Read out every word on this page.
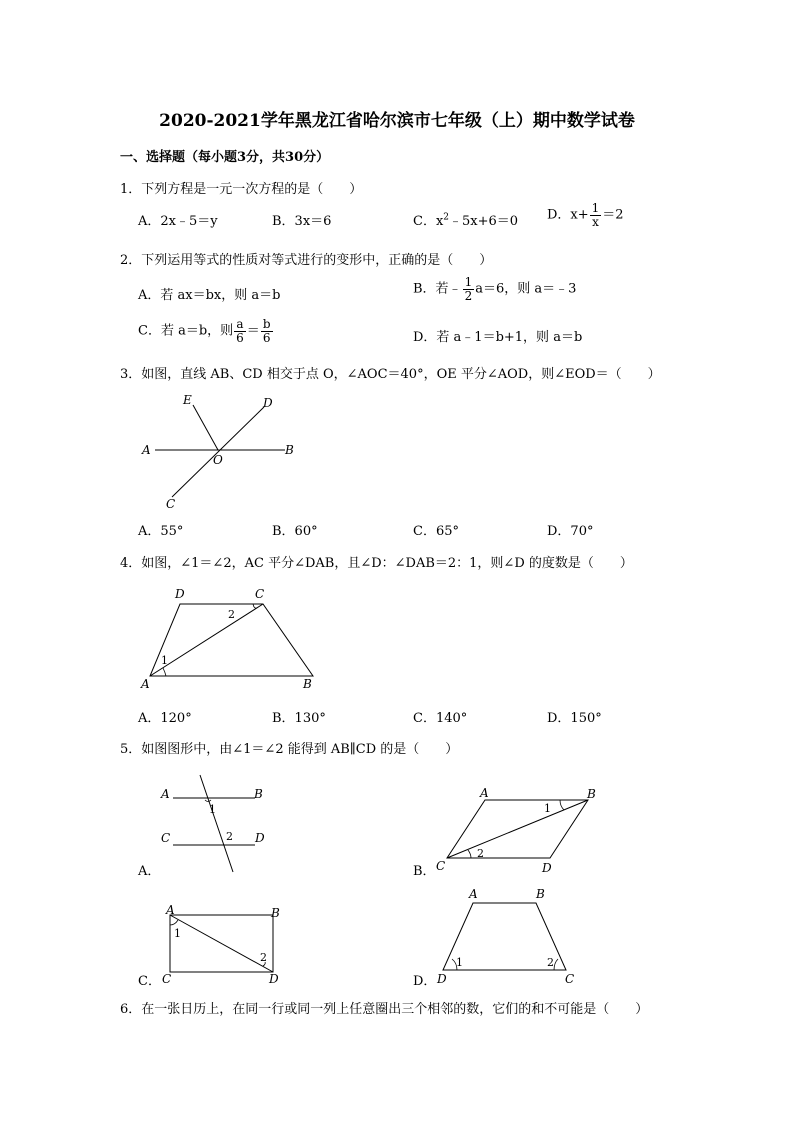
2020-2021学年黑龙江省哈尔滨市七年级（上）期中数学试卷
一、选择题（每小题3分，共30分）
1．下列方程是一元一次方程的是（　　）
A．2x﹣5＝y	B．3x＝6	C．$x^2﹣5x+6=0$ D．$x+ \frac{1}{x} =2$
2．下列运用等式的性质对等式进行的变形中，正确的是（　　）
A．若 ax＝bx，则 a＝b	B．若﹣ $\frac{1}{2} a=6$，则 a＝﹣3
C．若 a＝b，则 $\frac{a}{6} = \frac{b}{6}$	D．若 a﹣1＝b+1，则 a＝b
3．如图，直线 AB、CD 相交于点 O，∠AOC＝40°，OE 平分∠AOD，则∠EOD＝（　　）
E	D
A
O
B
C
A．55°	B．60°	C．65°	D．70°
4．如图，∠1＝∠2，AC 平分∠DAB，且∠D：∠DAB＝2：1，则∠D 的度数是（　　）
D	C
2
1
A	B
A．120°	B．130°	C．140°	D．150°
5．如图图形中，由∠1＝∠2 能得到 AB∥CD 的是（　　）
A	B
1
C	2 D
A．
A	B
1
2
C	D
B．
A	B
1
2
C	D
C．
A	B
1	2
D	C
D．
6．在一张日历上，在同一行或同一列上任意圈出三个相邻的数，它们的和不可能是（　　）
